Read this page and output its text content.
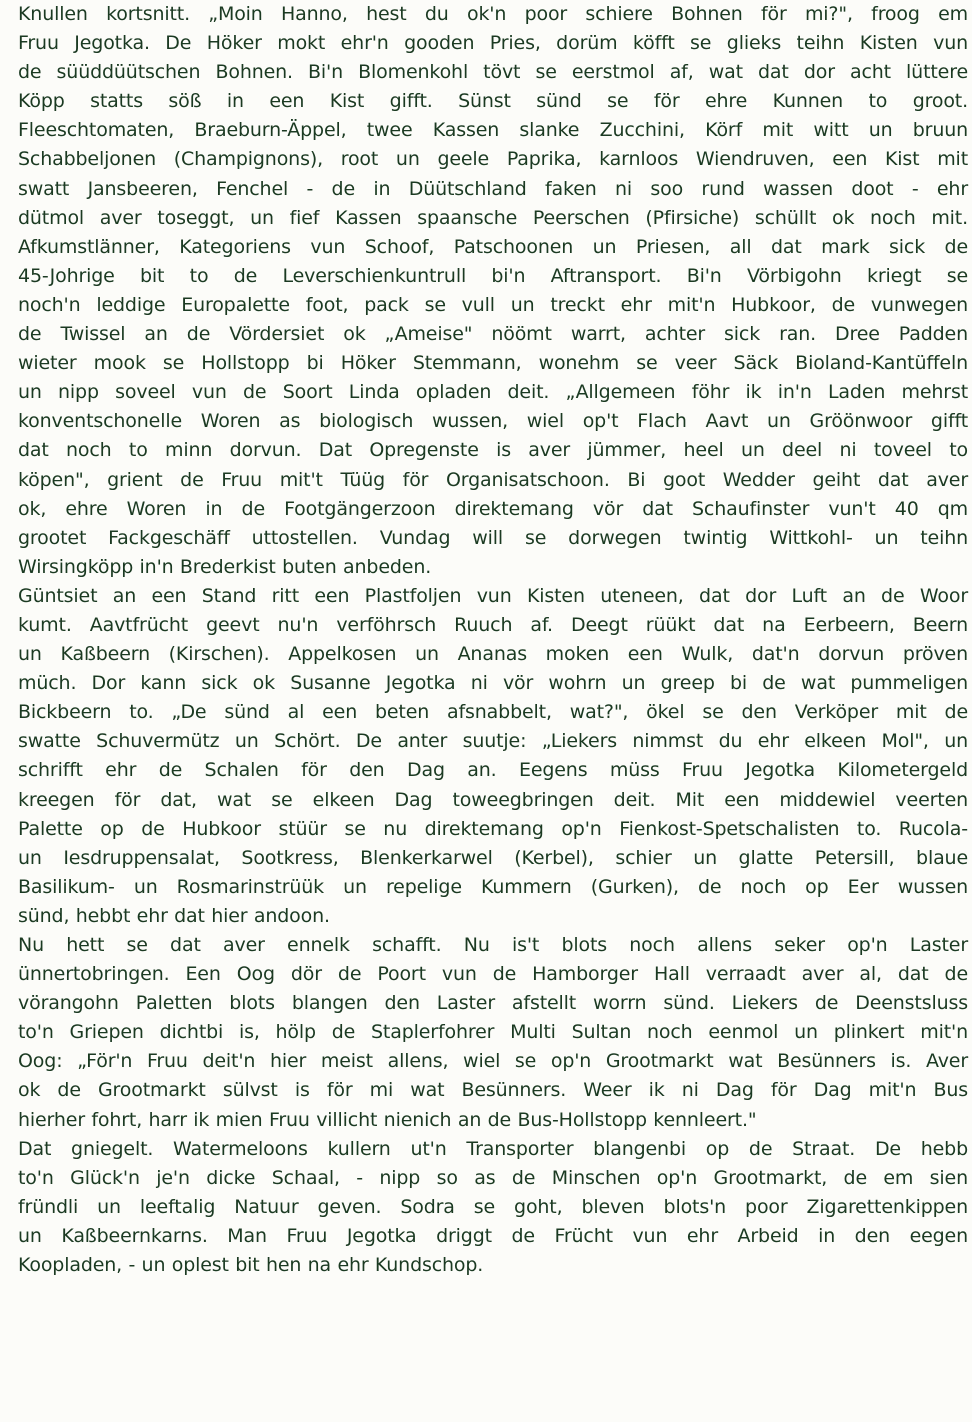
Knullen kortsnitt. „Moin Hanno, hest du ok'n poor schiere Bohnen för mi?", froog em
Fruu Jegotka. De Höker mokt ehr'n gooden Pries, dorüm köfft se glieks teihn Kisten vun
de süüddüütschen Bohnen. Bi'n Blomenkohl tövt se eerstmol af, wat dat dor acht lüttere
Köpp statts söß in een Kist gifft. Sünst sünd se för ehre Kunnen to groot.
Fleeschtomaten, Braeburn-Äppel, twee Kassen slanke Zucchini, Körf mit witt un bruun
Schabbeljonen (Champignons), root un geele Paprika, karnloos Wiendruven, een Kist mit
swatt Jansbeeren, Fenchel - de in Düütschland faken ni soo rund wassen doot - ehr
dütmol aver toseggt, un fief Kassen spaansche Peerschen (Pfirsiche) schüllt ok noch mit.
Afkumstlänner, Kategoriens vun Schoof, Patschoonen un Priesen, all dat mark sick de
45-Johrige bit to de Leverschienkuntrull bi'n Aftransport. Bi'n Vörbigohn kriegt se
noch'n leddige Europalette foot, pack se vull un treckt ehr mit'n Hubkoor, de vunwegen
de Twissel an de Vördersiet ok „Ameise" nöömt warrt, achter sick ran. Dree Padden
wieter mook se Hollstopp bi Höker Stemmann, wonehm se veer Säck Bioland-Kantüffeln
un nipp soveel vun de Soort Linda opladen deit. „Allgemeen föhr ik in'n Laden mehrst
konventschonelle Woren as biologisch wussen, wiel op't Flach Aavt un Gröönwoor gifft
dat noch to minn dorvun. Dat Opregenste is aver jümmer, heel un deel ni toveel to
köpen", grient de Fruu mit't Tüüg för Organisatschoon. Bi goot Wedder geiht dat aver
ok, ehre Woren in de Footgängerzoon direktemang vör dat Schaufinster vun't 40 qm
grootet Fackgeschäff uttostellen. Vundag will se dorwegen twintig Wittkohl- un teihn
Wirsingköpp in'n Brederkist buten anbeden.
Güntsiet an een Stand ritt een Plastfoljen vun Kisten uteneen, dat dor Luft an de Woor
kumt. Aavtfrücht geevt nu'n verföhrsch Ruuch af. Deegt rüükt dat na Eerbeern, Beern
un Kaßbeern (Kirschen). Appelkosen un Ananas moken een Wulk, dat'n dorvun pröven
müch. Dor kann sick ok Susanne Jegotka ni vör wohrn un greep bi de wat pummeligen
Bickbeern to. „De sünd al een beten afsnabbelt, wat?", ökel se den Verköper mit de
swatte Schuvermütz un Schört. De anter suutje: „Liekers nimmst du ehr elkeen Mol", un
schrifft ehr de Schalen för den Dag an. Eegens müss Fruu Jegotka Kilometergeld
kreegen för dat, wat se elkeen Dag toweegbringen deit. Mit een middewiel veerten
Palette op de Hubkoor stüür se nu direktemang op'n Fienkost-Spetschalisten to. Rucola-
un Iesdruppensalat, Sootkress, Blenkerkarwel (Kerbel), schier un glatte Petersill, blaue
Basilikum- un Rosmarinstrüük un repelige Kummern (Gurken), de noch op Eer wussen
sünd, hebbt ehr dat hier andoon.
Nu hett se dat aver ennelk schafft. Nu is't blots noch allens seker op'n Laster
ünnertobringen. Een Oog dör de Poort vun de Hamborger Hall verraadt aver al, dat de
vörangohn Paletten blots blangen den Laster afstellt worrn sünd. Liekers de Deenstsluss
to'n Griepen dichtbi is, hölp de Staplerfohrer Multi Sultan noch eenmol un plinkert mit'n
Oog: „För'n Fruu deit'n hier meist allens, wiel se op'n Grootmarkt wat Besünners is. Aver
ok de Grootmarkt sülvst is för mi wat Besünners. Weer ik ni Dag för Dag mit'n Bus
hierher fohrt, harr ik mien Fruu villicht nienich an de Bus-Hollstopp kennleert."
Dat gniegelt. Watermeloons kullern ut'n Transporter blangenbi op de Straat. De hebb
to'n Glück'n je'n dicke Schaal, - nipp so as de Minschen op'n Grootmarkt, de em sien
fründli un leeftalig Natuur geven. Sodra se goht, bleven blots'n poor Zigarettenkippen
un Kaßbeernkarns. Man Fruu Jegotka driggt de Frücht vun ehr Arbeid in den eegen
Koopladen, - un oplest bit hen na ehr Kundschop.
